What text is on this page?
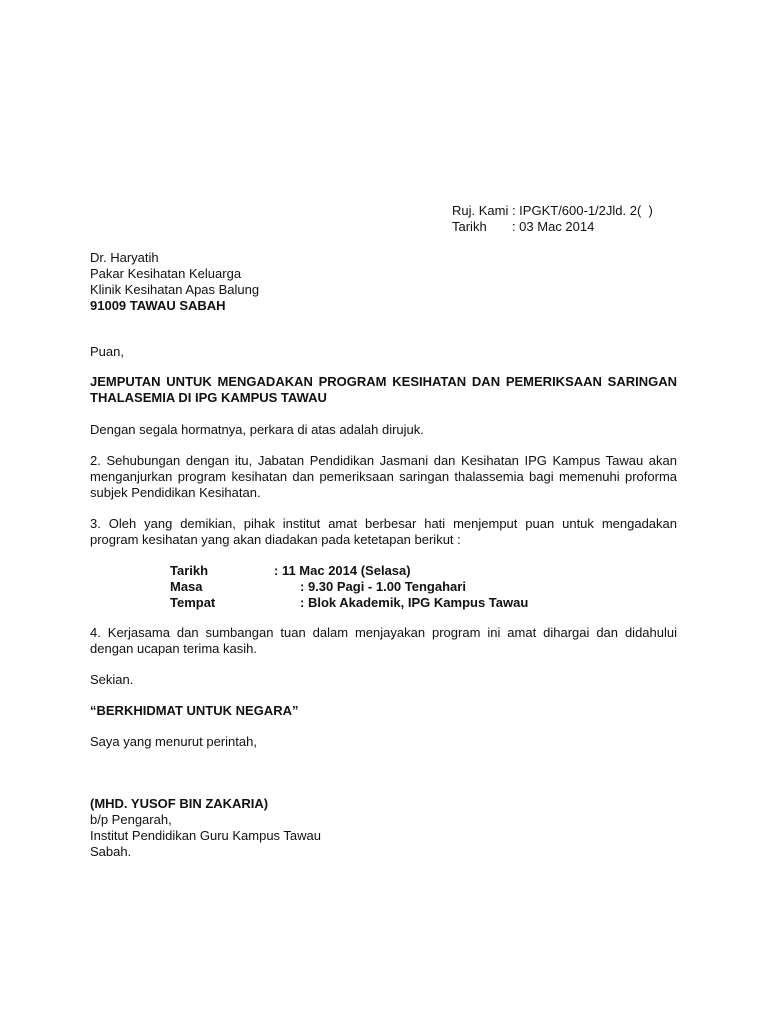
Ruj. Kami : IPGKT/600-1/2Jld. 2(  )
Tarikh       : 03 Mac 2014
Dr. Haryatih
Pakar Kesihatan Keluarga
Klinik Kesihatan Apas Balung
91009 TAWAU SABAH

Puan,

JEMPUTAN UNTUK MENGADAKAN PROGRAM KESIHATAN DAN PEMERIKSAAN SARINGAN THALASEMIA DI IPG KAMPUS TAWAU

Dengan segala hormatnya, perkara di atas adalah dirujuk.

2. Sehubungan dengan itu, Jabatan Pendidikan Jasmani dan Kesihatan IPG Kampus Tawau akan menganjurkan program kesihatan dan pemeriksaan saringan thalassemia bagi memenuhi proforma subjek Pendidikan Kesihatan.

3. Oleh yang demikian, pihak institut amat berbesar hati menjemput puan untuk mengadakan program kesihatan yang akan diadakan pada ketetapan berikut :

Tarikh	: 11 Mac 2014 (Selasa)
Masa	: 9.30 Pagi - 1.00 Tengahari
Tempat	: Blok Akademik, IPG Kampus Tawau

4. Kerjasama dan sumbangan tuan dalam menjayakan program ini amat dihargai dan didahului dengan ucapan terima kasih.

Sekian.

“BERKHIDMAT UNTUK NEGARA”

Saya yang menurut perintah,

(MHD. YUSOF BIN ZAKARIA)
b/p Pengarah,
Institut Pendidikan Guru Kampus Tawau
Sabah.
